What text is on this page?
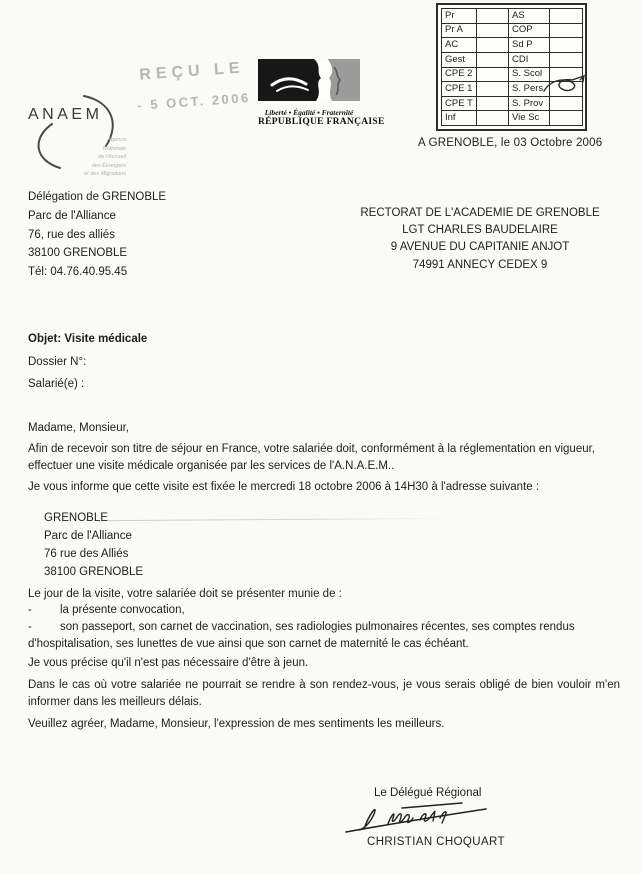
ANAEM
Agence
Nationale
de l'Accueil
des Étrangers
et des Migrations
REÇU LE
- 5 OCT. 2006	Liberté • Égalité • Fraternité
RÉPUBLIQUE FRANÇAISE
Pr		AS	
Pr A		COP	
AC		Sd P	
Gest		CDI	
CPE 2		S. Scol	
CPE 1		S. Pers	
CPE T		S. Prov	
Inf		Vie Sc	
A GRENOBLE, le 03 Octobre 2006
Délégation de GRENOBLE
Parc de l'Alliance
76, rue des alliés
38100 GRENOBLE
Tél: 04.76.40.95.45
RECTORAT DE L'ACADEMIE DE GRENOBLE
LGT CHARLES BAUDELAIRE
9 AVENUE DU CAPITANIE ANJOT
74991 ANNECY CEDEX 9
Objet: Visite médicale
Dossier N°:
Salarié(e) :
Madame, Monsieur,
Afin de recevoir son titre de séjour en France, votre salariée doit, conformément à la réglementation en vigueur, effectuer une visite médicale organisée par les services de l'A.N.A.E.M..
Je vous informe que cette visite est fixée le mercredi 18 octobre 2006 à 14H30 à l'adresse suivante :
GRENOBLE
Parc de l'Alliance
76 rue des Alliés
38100 GRENOBLE
Le jour de la visite, votre salariée doit se présenter munie de :
- la présente convocation,
- son passeport, son carnet de vaccination, ses radiologies pulmonaires récentes, ses comptes rendus d'hospitalisation, ses lunettes de vue ainsi que son carnet de maternité le cas échéant.
Je vous précise qu'il n'est pas nécessaire d'être à jeun.
Dans le cas où votre salariée ne pourrait se rendre à son rendez-vous, je vous serais obligé de bien vouloir m'en informer dans les meilleurs délais.
Veuillez agréer, Madame, Monsieur, l'expression de mes sentiments les meilleurs.
Le Délégué Régional
CHRISTIAN CHOQUART
